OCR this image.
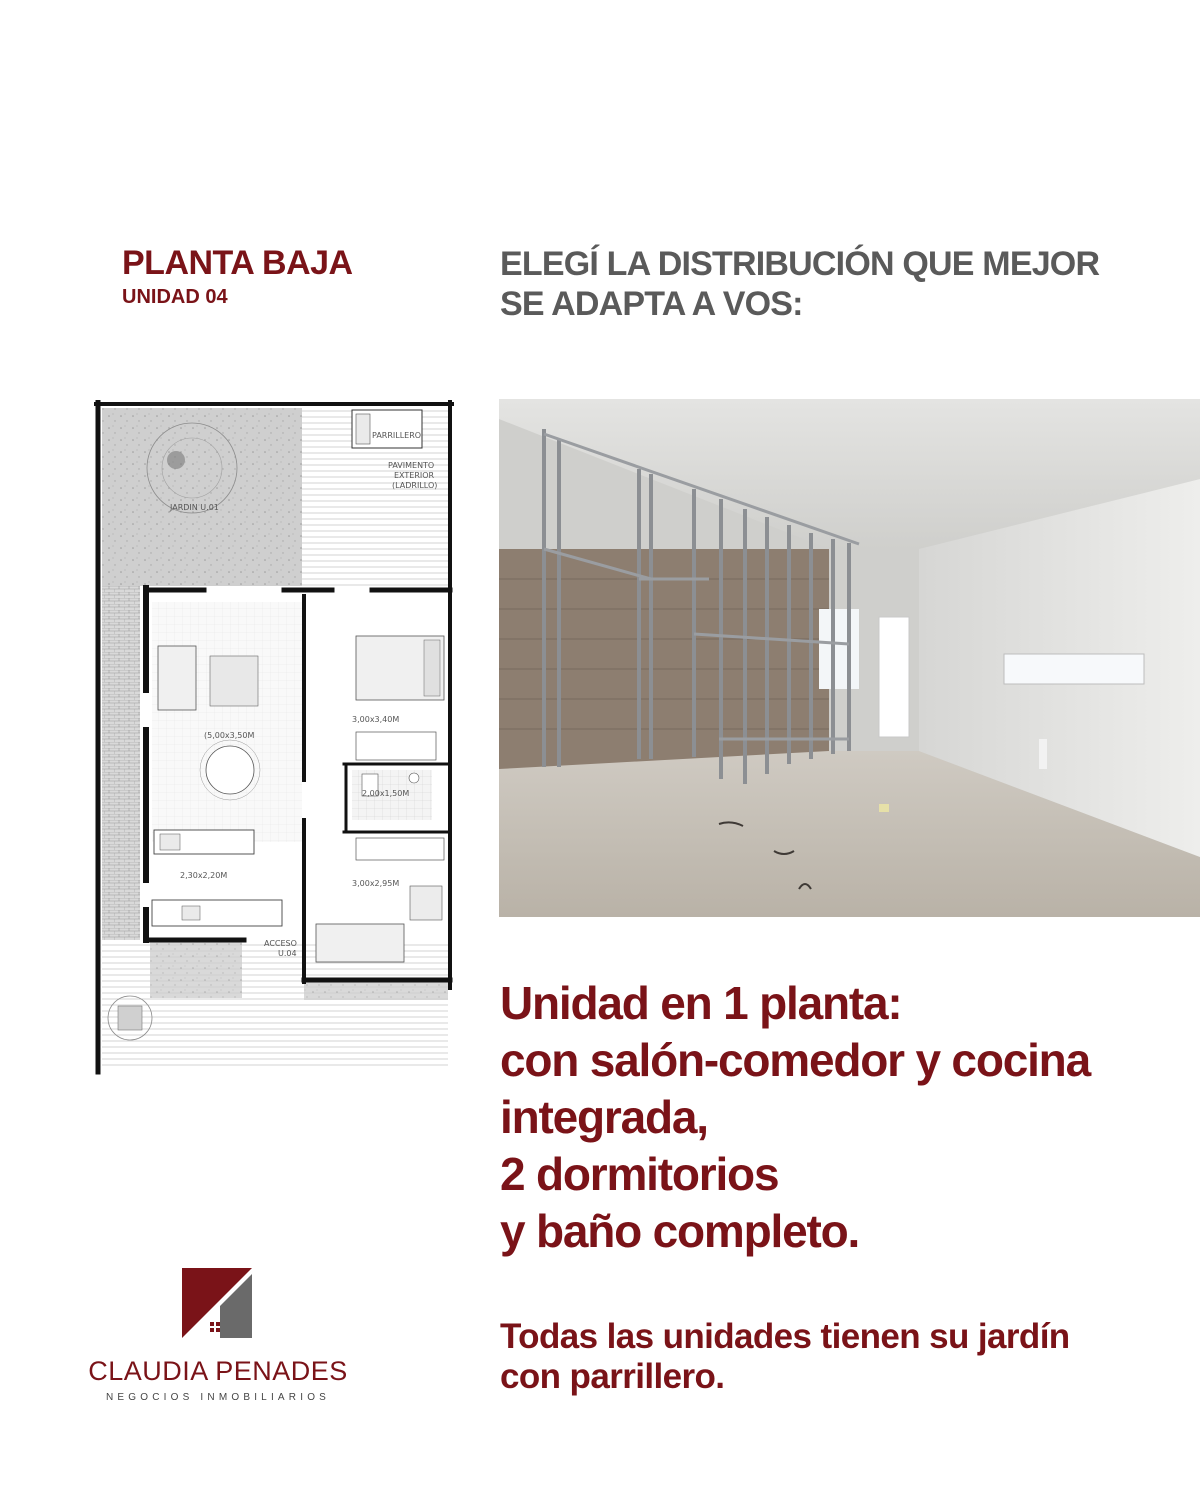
PLANTA BAJA
UNIDAD 04
ELEGÍ LA DISTRIBUCIÓN QUE MEJOR
SE ADAPTA A VOS:
PARRILLERO
PAVIMENTO
EXTERIOR
(LADRILLO)
JARDIN U.01
(5,00x3,50M
3,00x3,40M
2,00x1,50M
2,30x2,20M
3,00x2,95M
ACCESO
U.04
Unidad en 1 planta:
con salón-comedor y cocina
integrada,
2 dormitorios
y baño completo.
Todas las unidades tienen su jardín
con parrillero.
CLAUDIA PENADES
NEGOCIOS INMOBILIARIOS
